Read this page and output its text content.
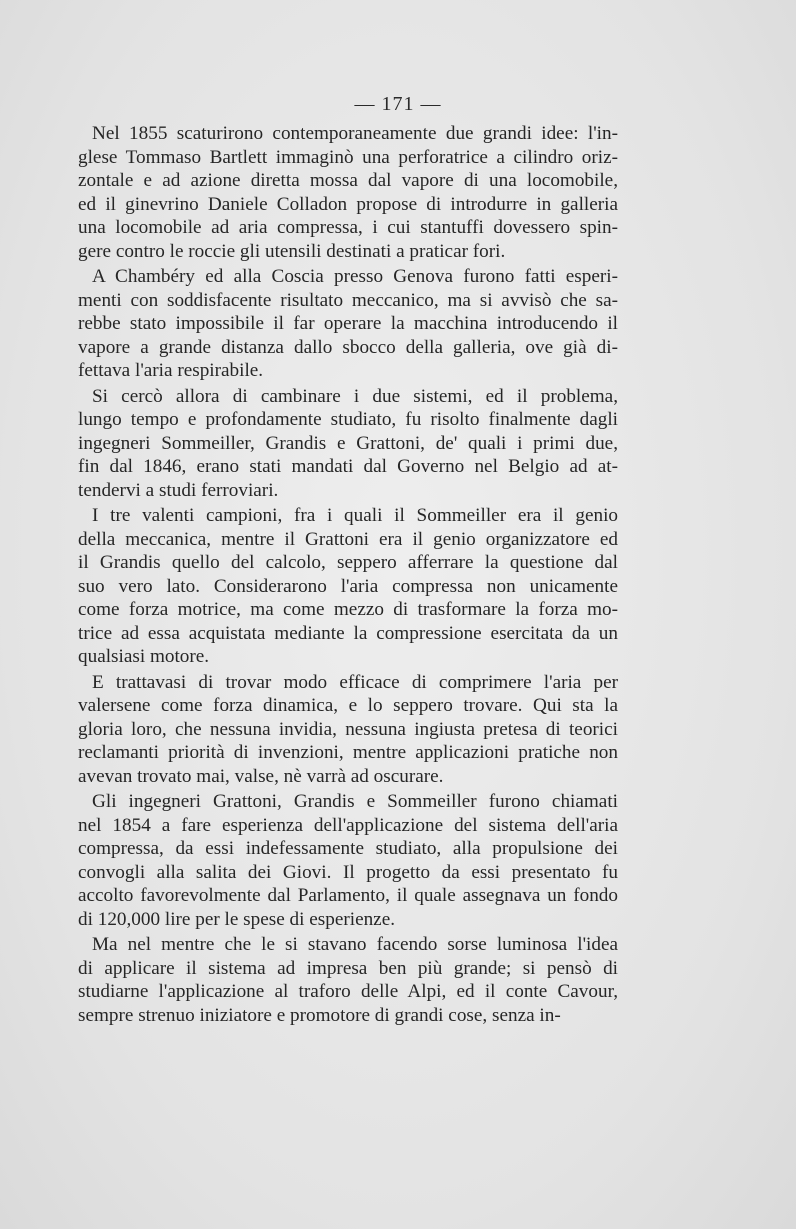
— 171 —
Nel 1855 scaturirono contemporaneamente due grandi idee: l'in-
glese Tommaso Bartlett immaginò una perforatrice a cilindro oriz-
zontale e ad azione diretta mossa dal vapore di una locomobile,
ed il ginevrino Daniele Colladon propose di introdurre in galleria
una locomobile ad aria compressa, i cui stantuffi dovessero spin-
gere contro le roccie gli utensili destinati a praticar fori.
A Chambéry ed alla Coscia presso Genova furono fatti esperi-
menti con soddisfacente risultato meccanico, ma si avvisò che sa-
rebbe stato impossibile il far operare la macchina introducendo il
vapore a grande distanza dallo sbocco della galleria, ove già di-
fettava l'aria respirabile.
Si cercò allora di cambinare i due sistemi, ed il problema,
lungo tempo e profondamente studiato, fu risolto finalmente dagli
ingegneri Sommeiller, Grandis e Grattoni, de' quali i primi due,
fin dal 1846, erano stati mandati dal Governo nel Belgio ad at-
tendervi a studi ferroviari.
I tre valenti campioni, fra i quali il Sommeiller era il genio
della meccanica, mentre il Grattoni era il genio organizzatore ed
il Grandis quello del calcolo, seppero afferrare la questione dal
suo vero lato. Considerarono l'aria compressa non unicamente
come forza motrice, ma come mezzo di trasformare la forza mo-
trice ad essa acquistata mediante la compressione esercitata da un
qualsiasi motore.
E trattavasi di trovar modo efficace di comprimere l'aria per
valersene come forza dinamica, e lo seppero trovare. Qui sta la
gloria loro, che nessuna invidia, nessuna ingiusta pretesa di teorici
reclamanti priorità di invenzioni, mentre applicazioni pratiche non
avevan trovato mai, valse, nè varrà ad oscurare.
Gli ingegneri Grattoni, Grandis e Sommeiller furono chiamati
nel 1854 a fare esperienza dell'applicazione del sistema dell'aria
compressa, da essi indefessamente studiato, alla propulsione dei
convogli alla salita dei Giovi. Il progetto da essi presentato fu
accolto favorevolmente dal Parlamento, il quale assegnava un fondo
di 120,000 lire per le spese di esperienze.
Ma nel mentre che le si stavano facendo sorse luminosa l'idea
di applicare il sistema ad impresa ben più grande; si pensò di
studiarne l'applicazione al traforo delle Alpi, ed il conte Cavour,
sempre strenuo iniziatore e promotore di grandi cose, senza in-
